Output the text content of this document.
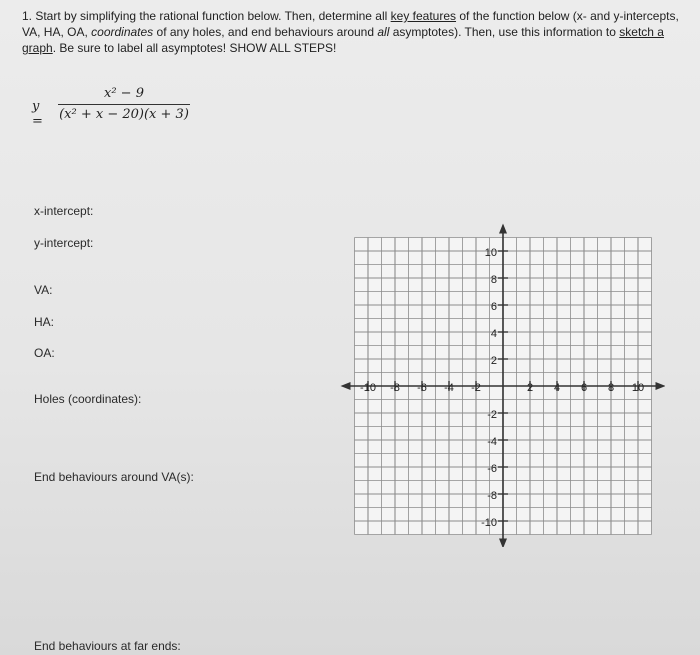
1. Start by simplifying the rational function below. Then, determine all key features of the function below (x- and y-intercepts, VA, HA, OA, coordinates of any holes, and end behaviours around all asymptotes). Then, use this information to sketch a graph. Be sure to label all asymptotes! SHOW ALL STEPS!
y =
x² − 9
(x² + x − 20)(x + 3)
x-intercept:
y-intercept:
VA:
HA:
OA:
Holes (coordinates):
End behaviours around VA(s):
End behaviours at far ends:
-10 -8 -6 -4 -2	2 4 6 8 10
10
8
6
4
2
-2
-4
-6
-8
-10
